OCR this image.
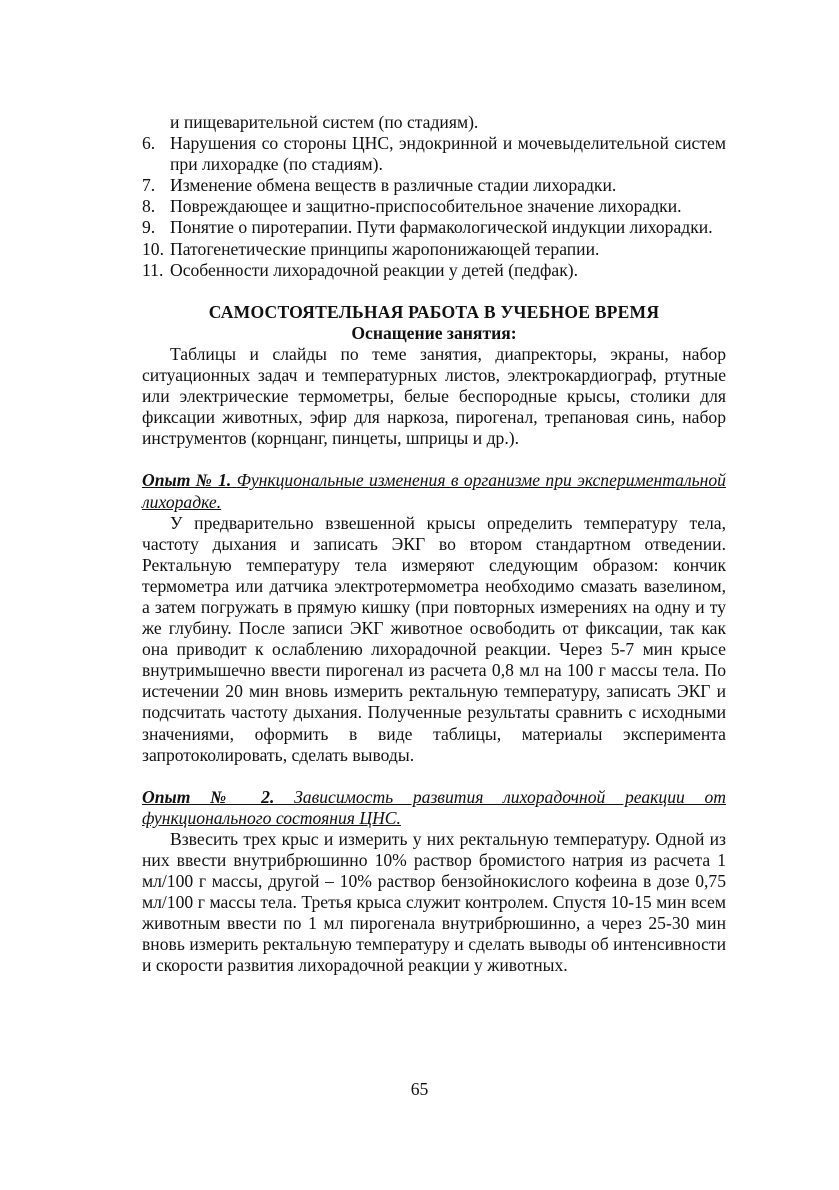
и пищеварительной систем (по стадиям).
6. Нарушения со стороны ЦНС, эндокринной и мочевыделительной систем при лихорадке (по стадиям).
7. Изменение обмена веществ в различные стадии лихорадки.
8. Повреждающее и защитно-приспособительное значение лихорадки.
9. Понятие о пиротерапии. Пути фармакологической индукции лихорадки.
10. Патогенетические принципы жаропонижающей терапии.
11. Особенности лихорадочной реакции у детей (педфак).
САМОСТОЯТЕЛЬНАЯ РАБОТА В УЧЕБНОЕ ВРЕМЯ
Оснащение занятия:

Таблицы и слайды по теме занятия, диапректоры, экраны, набор ситуационных задач и температурных листов, электрокардиограф, ртутные или электрические термометры, белые беспородные крысы, столики для фиксации животных, эфир для наркоза, пирогенал, трепановая синь, набор инструментов (корнцанг, пинцеты, шприцы и др.).

Опыт № 1. Функциональные изменения в организме при экспериментальной лихорадке.

У предварительно взвешенной крысы определить температуру тела, частоту дыхания и записать ЭКГ во втором стандартном отведении. Ректальную температуру тела измеряют следующим образом: кончик термометра или датчика электротермометра необходимо смазать вазелином, а затем погружать в прямую кишку (при повторных измерениях на одну и ту же глубину. После записи ЭКГ животное освободить от фиксации, так как она приводит к ослаблению лихорадочной реакции. Через 5-7 мин крысе внутримышечно ввести пирогенал из расчета 0,8 мл на 100 г массы тела. По истечении 20 мин вновь измерить ректальную температуру, записать ЭКГ и подсчитать частоту дыхания. Полученные результаты сравнить с исходными значениями, оформить в виде таблицы, материалы эксперимента запротоколировать, сделать выводы.

Опыт № 2. Зависимость развития лихорадочной реакции от функционального состояния ЦНС.

Взвесить трех крыс и измерить у них ректальную температуру. Одной из них ввести внутрибрюшинно 10% раствор бромистого натрия из расчета 1 мл/100 г массы, другой – 10% раствор бензойнокислого кофеина в дозе 0,75 мл/100 г массы тела. Третья крыса служит контролем. Спустя 10-15 мин всем животным ввести по 1 мл пирогенала внутрибрюшинно, а через 25-30 мин вновь измерить ректальную температуру и сделать выводы об интенсивности и скорости развития лихорадочной реакции у животных.

65
